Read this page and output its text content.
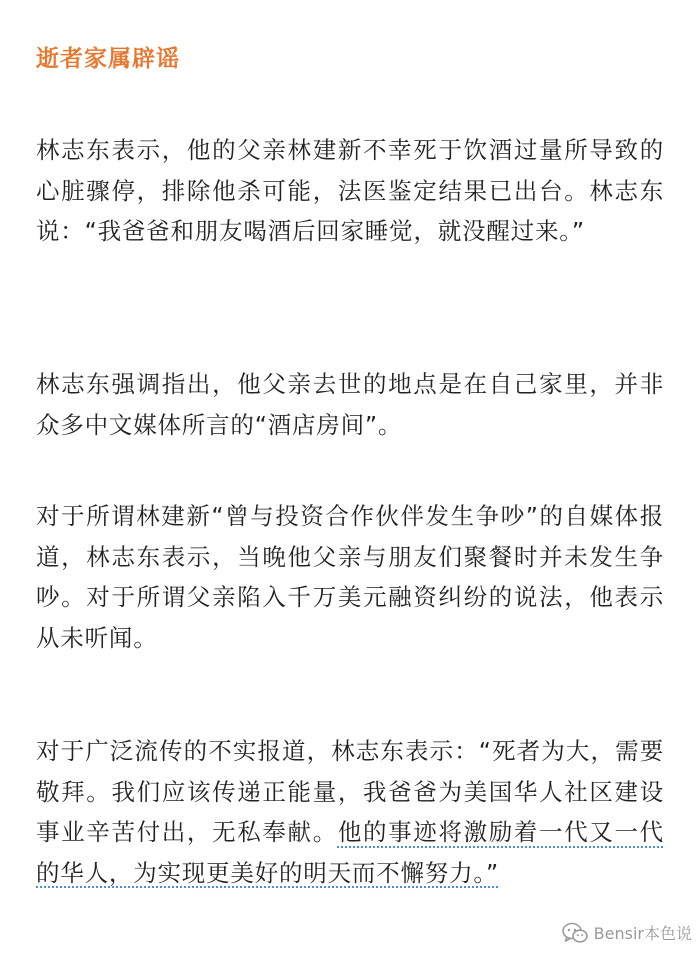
逝者家属辟谣

林志东表示，他的父亲林建新不幸死于饮酒过量所导致的心脏骤停，排除他杀可能，法医鉴定结果已出台。林志东说：“我爸爸和朋友喝酒后回家睡觉，就没醒过来。”

林志东强调指出，他父亲去世的地点是在自己家里，并非众多中文媒体所言的“酒店房间”。

对于所谓林建新“曾与投资合作伙伴发生争吵”的自媒体报道，林志东表示，当晚他父亲与朋友们聚餐时并未发生争吵。对于所谓父亲陷入千万美元融资纠纷的说法，他表示从未听闻。

对于广泛流传的不实报道，林志东表示：“死者为大，需要敬拜。我们应该传递正能量，我爸爸为美国华人社区建设事业辛苦付出，无私奉献。他的事迹将激励着一代又一代的华人，为实现更美好的明天而不懈努力。”

Bensir本色说
